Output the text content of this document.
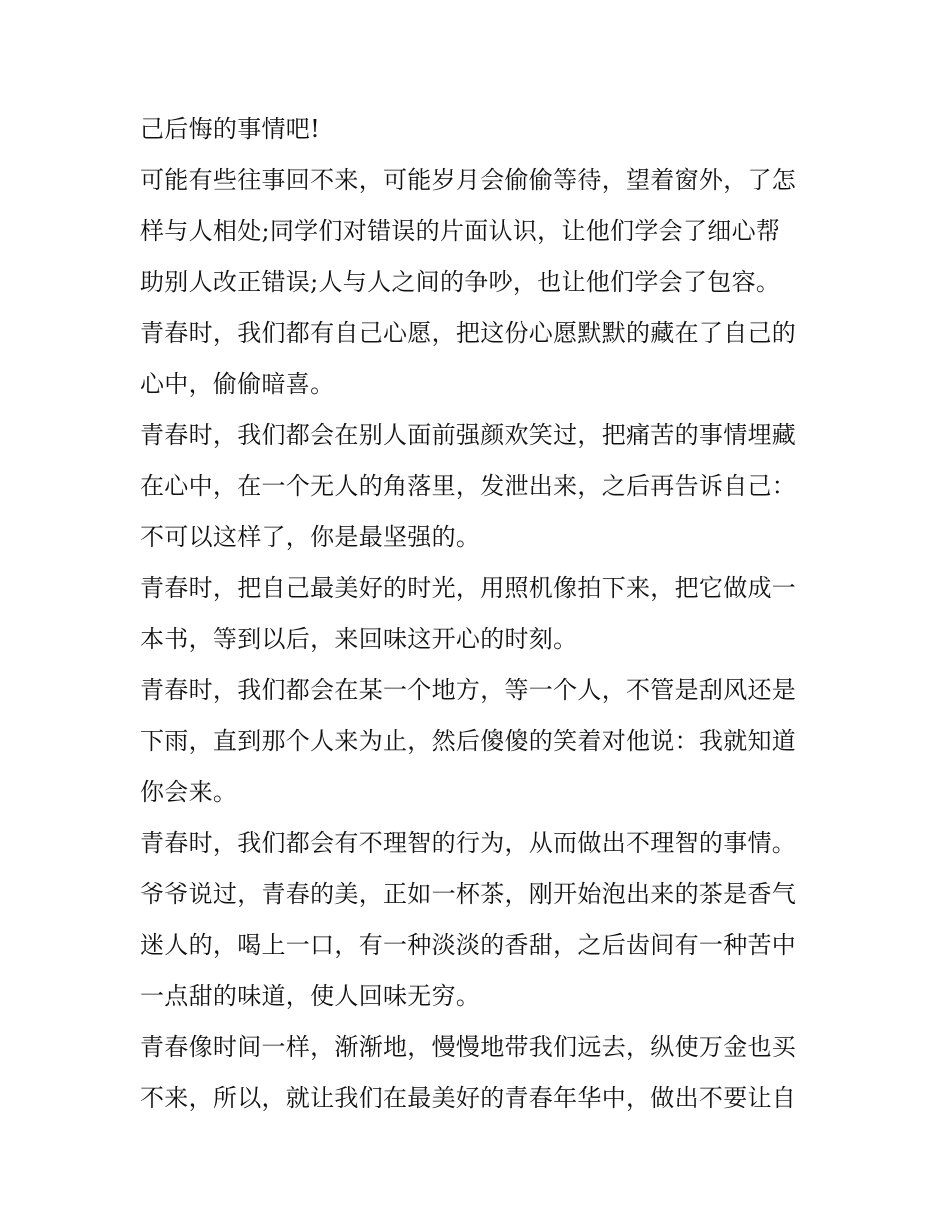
己后悔的事情吧!

可能有些往事回不来，可能岁月会偷偷等待，望着窗外，了怎

样与人相处;同学们对错误的片面认识，让他们学会了细心帮

助别人改正错误;人与人之间的争吵，也让他们学会了包容。

青春时，我们都有自己心愿，把这份心愿默默的藏在了自己的

心中，偷偷暗喜。

青春时，我们都会在别人面前强颜欢笑过，把痛苦的事情埋藏

在心中，在一个无人的角落里，发泄出来，之后再告诉自己：

不可以这样了，你是最坚强的。

青春时，把自己最美好的时光，用照机像拍下来，把它做成一

本书，等到以后，来回味这开心的时刻。

青春时，我们都会在某一个地方，等一个人，不管是刮风还是

下雨，直到那个人来为止，然后傻傻的笑着对他说：我就知道

你会来。

青春时，我们都会有不理智的行为，从而做出不理智的事情。

爷爷说过，青春的美，正如一杯茶，刚开始泡出来的茶是香气

迷人的，喝上一口，有一种淡淡的香甜，之后齿间有一种苦中

一点甜的味道，使人回味无穷。

青春像时间一样，渐渐地，慢慢地带我们远去，纵使万金也买

不来，所以，就让我们在最美好的青春年华中，做出不要让自
